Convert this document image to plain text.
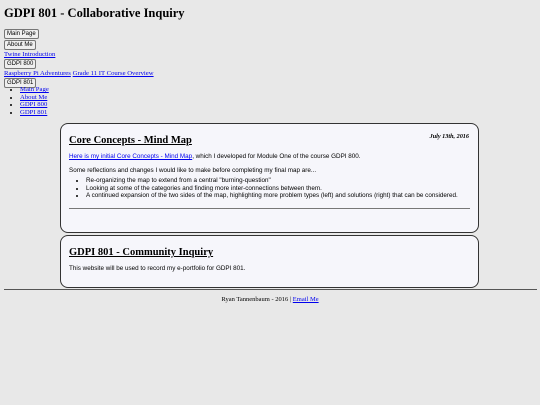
GDPI 801 - Collaborative Inquiry
Main Page
About Me
Twine Introduction
GDPI 800
Raspberry Pi Adventures Grade 11 IT Course Overview
GDPI 801
• Main Page
• About Me
• GDPI 800
• GDPI 801
Core Concepts - Mind Map	July 13th, 2016

Here is my initial Core Concepts - Mind Map, which I developed for Module One of the course GDPI 800.

Some reflections and changes I would like to make before completing my final map are...

• Re-organizing the map to extend from a central "burning-question"
• Looking at some of the categories and finding more inter-connections between them.
• A continued expansion of the two sides of the map, highlighting more problem types (left) and solutions (right) that can be considered.
GDPI 801 - Community Inquiry

This website will be used to record my e-portfolio for GDPI 801.

Ryan Tannenbaum - 2016 | Email Me
